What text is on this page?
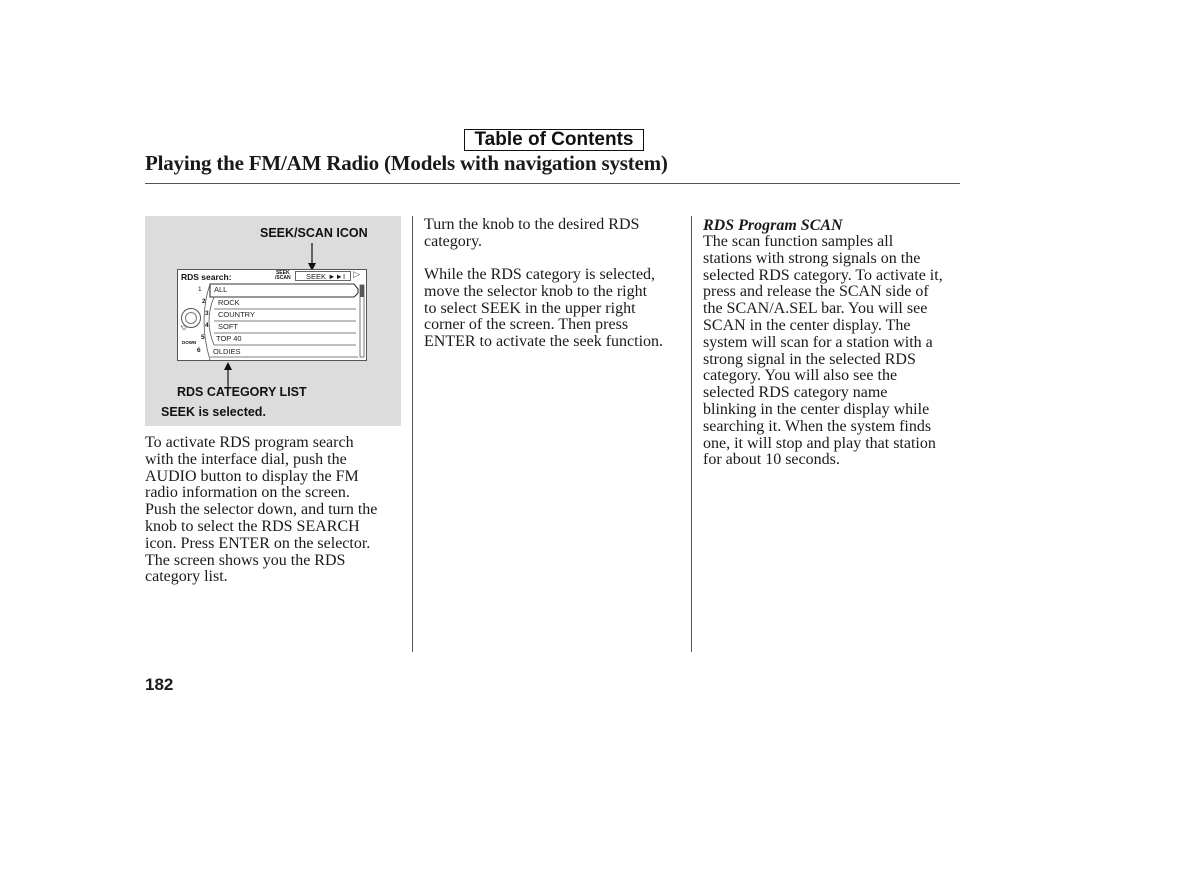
Table of Contents
Playing the FM/AM Radio (Models with navigation system)
SEEK/SCAN ICON
RDS search:	SEEK
/SCAN	SEEK ►►I ▷
DOWN
1 ALL
2 ROCK
3 COUNTRY
4 SOFT
5 TOP 40
6 OLDIES
RDS CATEGORY LIST
SEEK is selected.

To activate RDS program search
with the interface dial, push the
AUDIO button to display the FM
radio information on the screen.
Push the selector down, and turn the
knob to select the RDS SEARCH
icon. Press ENTER on the selector.
The screen shows you the RDS
category list.

Turn the knob to the desired RDS
category.

While the RDS category is selected,
move the selector knob to the right
to select SEEK in the upper right
corner of the screen. Then press
ENTER to activate the seek function.

RDS Program SCAN

The scan function samples all
stations with strong signals on the
selected RDS category. To activate it,
press and release the SCAN side of
the SCAN/A.SEL bar. You will see
SCAN in the center display. The
system will scan for a station with a
strong signal in the selected RDS
category. You will also see the
selected RDS category name
blinking in the center display while
searching it. When the system finds
one, it will stop and play that station
for about 10 seconds.

182
